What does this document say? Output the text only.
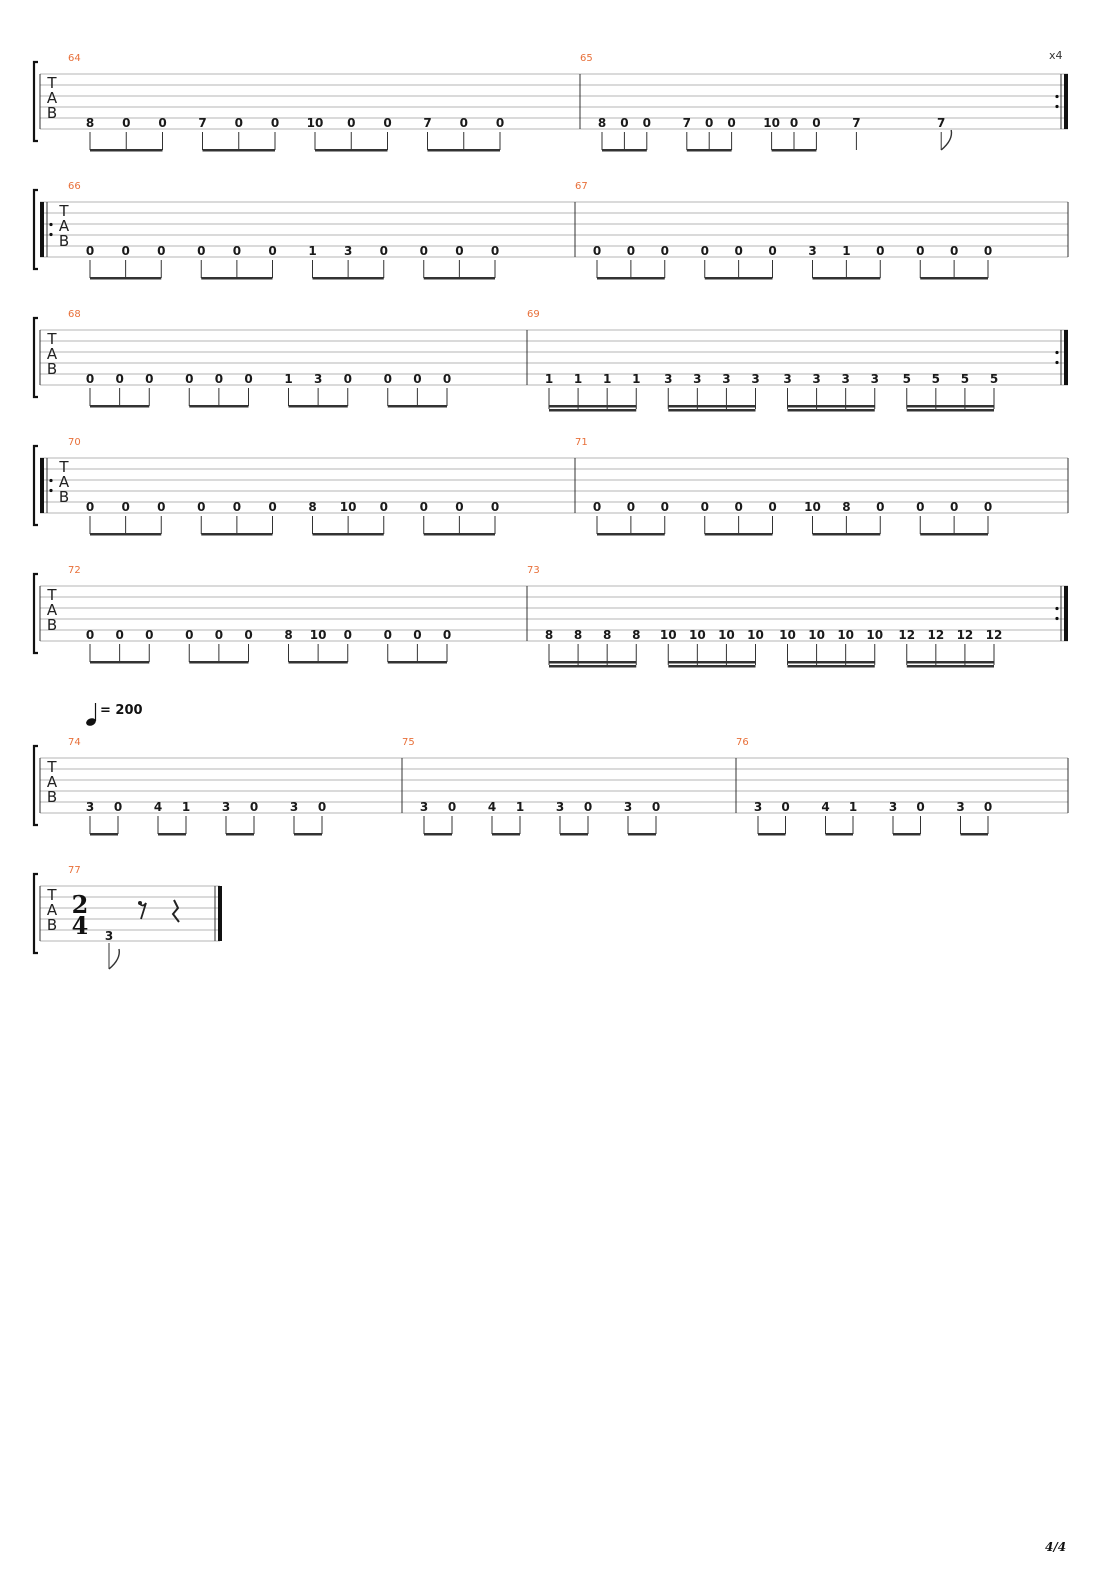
= 200
x4
4/4
T
A
B
64
8 0 0	7 0 0 10 0 0	7 0 0
65
8 0 0	7 0 0 10 0 0	7	7
T
A
B
66
0 0 0	0 0 0	1 3 0	0 0 0
67
0 0 0	0 0 0	3 1 0	0 0 0
T
A
B
68
0 0 0	0 0 0	1 3 0	0 0 0
69
1 1 1 1 3 3 3 3 3 3 3 3 5 5 5 5
T
A
B
70
0 0 0	0 0 0	8 10 0	0 0 0
71
0 0 0	0 0 0 10 8 0	0 0 0
T
A
B
72
0 0 0	0 0 0	8 10 0	0 0 0
73
8 8 8 8 10 10 10 10 10 10 10 10 12 12 12 12
T
A
B
74
3 0	4 1	3 0	3 0
75
3 0	4 1	3 0	3 0
76
3 0	4 1	3 0	3 0
T
A
B
77
2
4 3
